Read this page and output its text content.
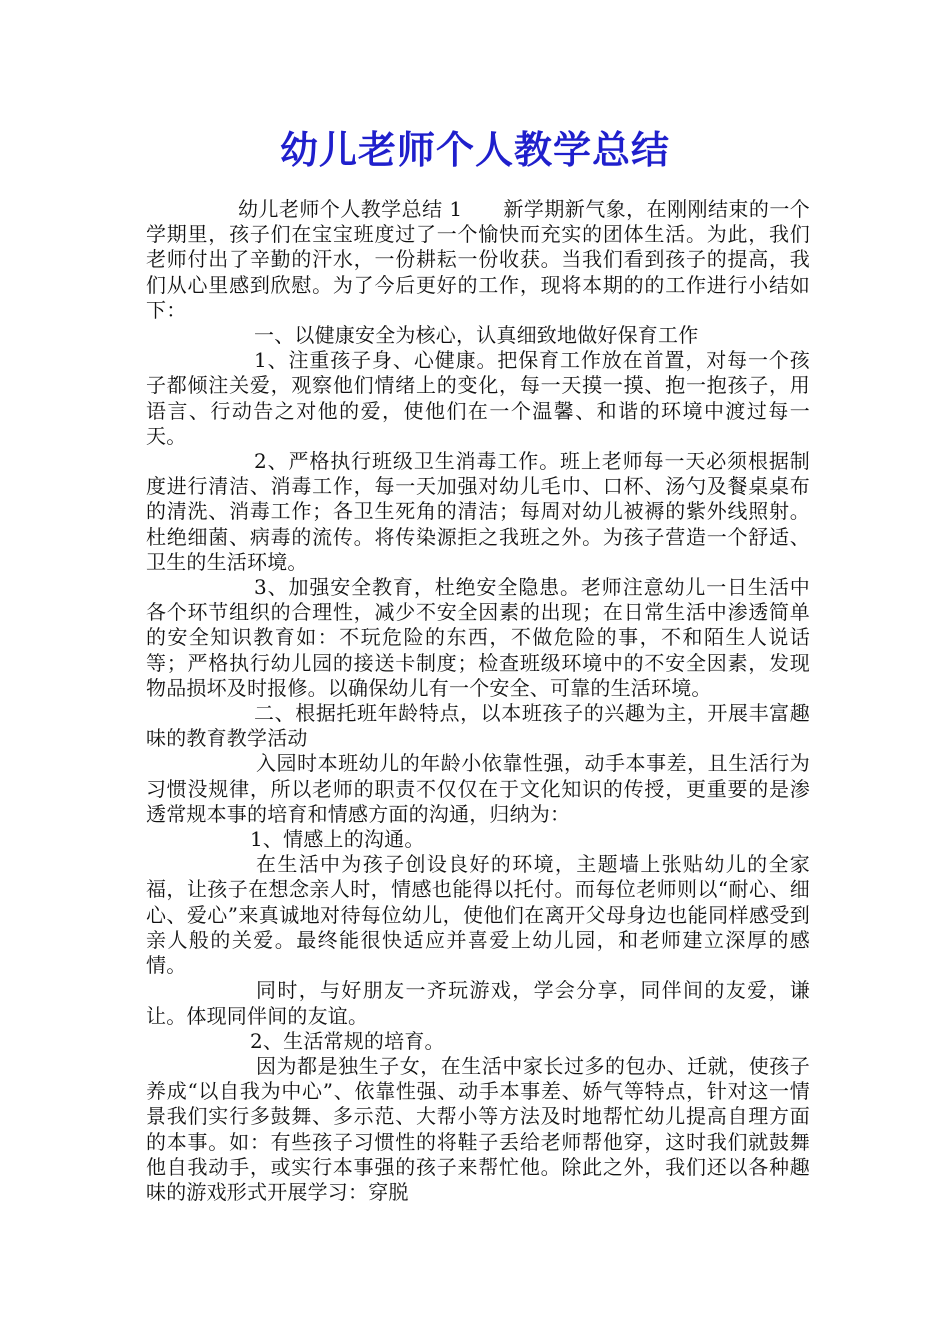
幼儿老师个人教学总结

幼儿老师个人教学总结 1　　新学期新气象，在刚刚结束的一个学期里，孩子们在宝宝班度过了一个愉快而充实的团体生活。为此，我们老师付出了辛勤的汗水，一份耕耘一份收获。当我们看到孩子的提高，我们从心里感到欣慰。为了今后更好的工作，现将本期的的工作进行小结如下：

一、以健康安全为核心，认真细致地做好保育工作

1、注重孩子身、心健康。把保育工作放在首置，对每一个孩子都倾注关爱，观察他们情绪上的变化，每一天摸一摸、抱一抱孩子，用语言、行动告之对他的爱，使他们在一个温馨、和谐的环境中渡过每一天。

2、严格执行班级卫生消毒工作。班上老师每一天必须根据制度进行清洁、消毒工作，每一天加强对幼儿毛巾、口杯、汤勺及餐桌桌布的清洗、消毒工作；各卫生死角的清洁；每周对幼儿被褥的紫外线照射。杜绝细菌、病毒的流传。将传染源拒之我班之外。为孩子营造一个舒适、卫生的生活环境。

3、加强安全教育，杜绝安全隐患。老师注意幼儿一日生活中各个环节组织的合理性，减少不安全因素的出现；在日常生活中渗透简单的安全知识教育如：不玩危险的东西，不做危险的事，不和陌生人说话等；严格执行幼儿园的接送卡制度；检查班级环境中的不安全因素，发现物品损坏及时报修。以确保幼儿有一个安全、可靠的生活环境。

二、根据托班年龄特点，以本班孩子的兴趣为主，开展丰富趣味的教育教学活动

入园时本班幼儿的年龄小依靠性强，动手本事差，且生活行为习惯没规律，所以老师的职责不仅仅在于文化知识的传授，更重要的是渗透常规本事的培育和情感方面的沟通，归纳为：

1、情感上的沟通。

在生活中为孩子创设良好的环境，主题墙上张贴幼儿的全家福，让孩子在想念亲人时，情感也能得以托付。而每位老师则以“耐心、细心、爱心”来真诚地对待每位幼儿，使他们在离开父母身边也能同样感受到亲人般的关爱。最终能很快适应并喜爱上幼儿园，和老师建立深厚的感情。

同时，与好朋友一齐玩游戏，学会分享，同伴间的友爱，谦让。体现同伴间的友谊。

2、生活常规的培育。

因为都是独生子女，在生活中家长过多的包办、迁就，使孩子养成“以自我为中心”、依靠性强、动手本事差、娇气等特点，针对这一情景我们实行多鼓舞、多示范、大帮小等方法及时地帮忙幼儿提高自理方面的本事。如：有些孩子习惯性的将鞋子丢给老师帮他穿，这时我们就鼓舞他自我动手，或实行本事强的孩子来帮忙他。除此之外，我们还以各种趣味的游戏形式开展学习：穿脱
